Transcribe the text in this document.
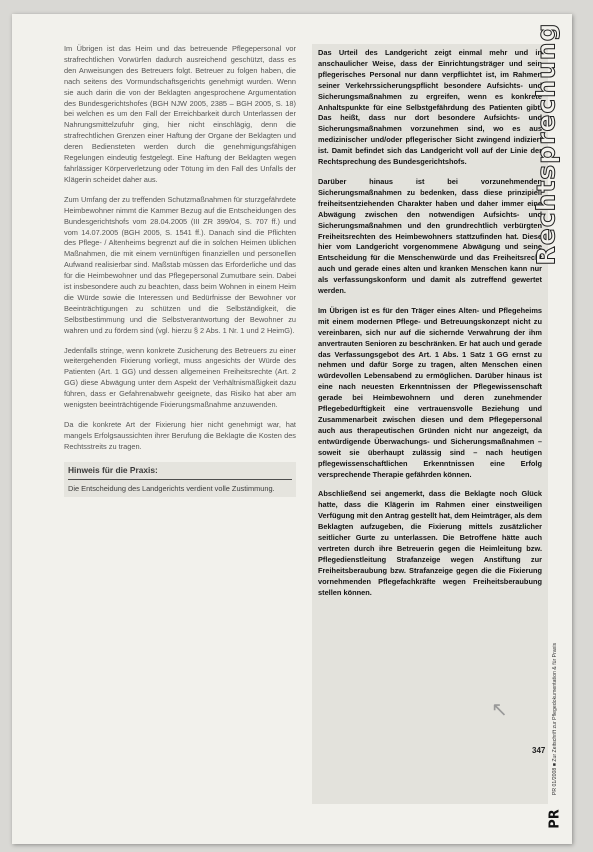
Im Übrigen ist das Heim und das betreuende Pflegepersonal vor strafrechtlichen Vorwürfen dadurch ausreichend geschützt, dass es den Anweisungen des Betreuers folgt. Betreuer zu folgen haben, die nach seitens des Vormundschaftsgerichts genehmigt wurden. Wenn sie auch darin die von der Beklagten angesprochene Argumentation des Bundesgerichtshofes (BGH NJW 2005, 2385 – BGH 2005, S. 18) bei welchen es um den Fall der Erreichbarkeit durch Unterlassen der Nahrungsmittelzufuhr ging, hier nicht einschlägig, denn die strafrechtlichen Grenzen einer Haftung der Organe der Beklagten und deren Bediensteten werden durch die genehmigungsfähigen Regelungen eindeutig festgelegt. Eine Haftung der Beklagten wegen fahrlässiger Körperverletzung oder Tötung im den Fall des Unfalls der Klägerin scheidet daher aus.

Zum Umfang der zu treffenden Schutzmaßnahmen für sturzgefährdete Heimbewohner nimmt die Kammer Bezug auf die Entscheidungen des Bundesgerichtshofs vom 28.04.2005 (III ZR 399/04, S. 707 ff.) und vom 14.07.2005 (BGH 2005, S. 1541 ff.). Danach sind die Pflichten des Pflege- / Altenheims begrenzt auf die in solchen Heimen üblichen Maßnahmen, die mit einem vernünftigen finanziellen und personellen Aufwand realisierbar sind. Maßstab müssen das Erforderliche und das für die Heimbewohner und das Pflegepersonal Zumutbare sein. Dabei ist insbesondere auch zu beachten, dass beim Wohnen in einem Heim die Würde sowie die Interessen und Bedürfnisse der Bewohner vor Beeinträchtigungen zu schützen und die Selbständigkeit, die Selbstbestimmung und die Selbstverantwortung der Bewohner zu wahren und zu fördern sind (vgl. hierzu § 2 Abs. 1 Nr. 1 und 2 HeimG).

Jedenfalls stringe, wenn konkrete Zusicherung des Betreuers zu einer weitergehenden Fixierung vorliegt, muss angesichts der Würde des Patienten (Art. 1 GG) und dessen allgemeinen Freiheitsrechte (Art. 2 GG) diese Abwägung unter dem Aspekt der Verhältnismäßigkeit dazu führen, dass er Gefahrenabwehr geeignete, das Risiko hat aber am wenigsten beeinträchtigende Fixierungsmaßnahme anzuwenden.

Da die konkrete Art der Fixierung hier nicht genehmigt war, hat mangels Erfolgsaussichten ihrer Berufung die Beklagte die Kosten des Rechtsstreits zu tragen.

Hinweis für die Praxis:
Die Entscheidung des Landgerichts verdient volle Zustimmung.

Das Urteil des Landgericht zeigt einmal mehr und in anschaulicher Weise, dass der Einrichtungsträger und sein pflegerisches Personal nur dann verpflichtet ist, im Rahmen seiner Verkehrssicherungspflicht besondere Aufsichts- und Sicherungsmaßnahmen zu ergreifen, wenn es konkrete Anhaltspunkte für eine Selbstgefährdung des Patienten gibt. Das heißt, dass nur dort besondere Aufsichts- und Sicherungsmaßnahmen vorzunehmen sind, wo es aus medizinischer und/oder pflegerischer Sicht zwingend indiziert ist. Damit befindet sich das Landgericht voll auf der Linie der Rechtsprechung des Bundesgerichtshofs.

Darüber hinaus ist bei vorzunehmenden Sicherungsmaßnahmen zu bedenken, dass diese prinzipiell freiheitsentziehenden Charakter haben und daher immer eine Abwägung zwischen den notwendigen Aufsichts- und Sicherungsmaßnahmen und den grundrechtlich verbürgten Freiheitsrechten des Heimbewohners stattzufinden hat. Diese hier vom Landgericht vorgenommene Abwägung und seine Entscheidung für die Menschenwürde und das Freiheitsrecht auch und gerade eines alten und kranken Menschen kann nur als verfassungskonform und damit als zutreffend gewertet werden.

Im Übrigen ist es für den Träger eines Alten- und Pflegeheims mit einem modernen Pflege- und Betreuungskonzept nicht zu vereinbaren, sich nur auf die sichernde Verwahrung der ihm anvertrauten Senioren zu beschränken. Er hat auch und gerade das Verfassungsgebot des Art. 1 Abs. 1 Satz 1 GG ernst zu nehmen und dafür Sorge zu tragen, alten Menschen einen würdevollen Lebensabend zu ermöglichen. Darüber hinaus ist eine nach neuesten Erkenntnissen der Pflegewissenschaft gerade bei Heimbewohnern und deren zunehmender Pflegebedürftigkeit eine vertrauensvolle Beziehung und Zusammenarbeit zwischen diesen und dem Pflegepersonal auch aus therapeutischen Gründen nicht nur angezeigt, da entwürdigende Überwachungs- und Sicherungsmaßnahmen – soweit sie überhaupt zulässig sind – nach heutigen pflegewissenschaftlichen Erkenntnissen eine Erfolg versprechende Therapie gefährden können.

Abschließend sei angemerkt, dass die Beklagte noch Glück hatte, dass die Klägerin im Rahmen einer einstweiligen Verfügung mit den Antrag gestellt hat, dem Heimträger, als dem Beklagten aufzugeben, die Fixierung mittels zusätzlicher seitlicher Gurte zu unterlassen. Die Betroffene hätte auch vertreten durch ihre Betreuerin gegen die Heimleitung bzw. Pflegedienstleitung Strafanzeige wegen Anstiftung zur Freiheitsberaubung bzw. Strafanzeige gegen die die Fixierung vornehmenden Pflegefachkräfte wegen Freiheitsberaubung stellen können.

Rechtsprechung
↖
347 PR 01/2008 ■ Zur Zeitschrift zur Pflegedokumentation & für Praxis
PR
